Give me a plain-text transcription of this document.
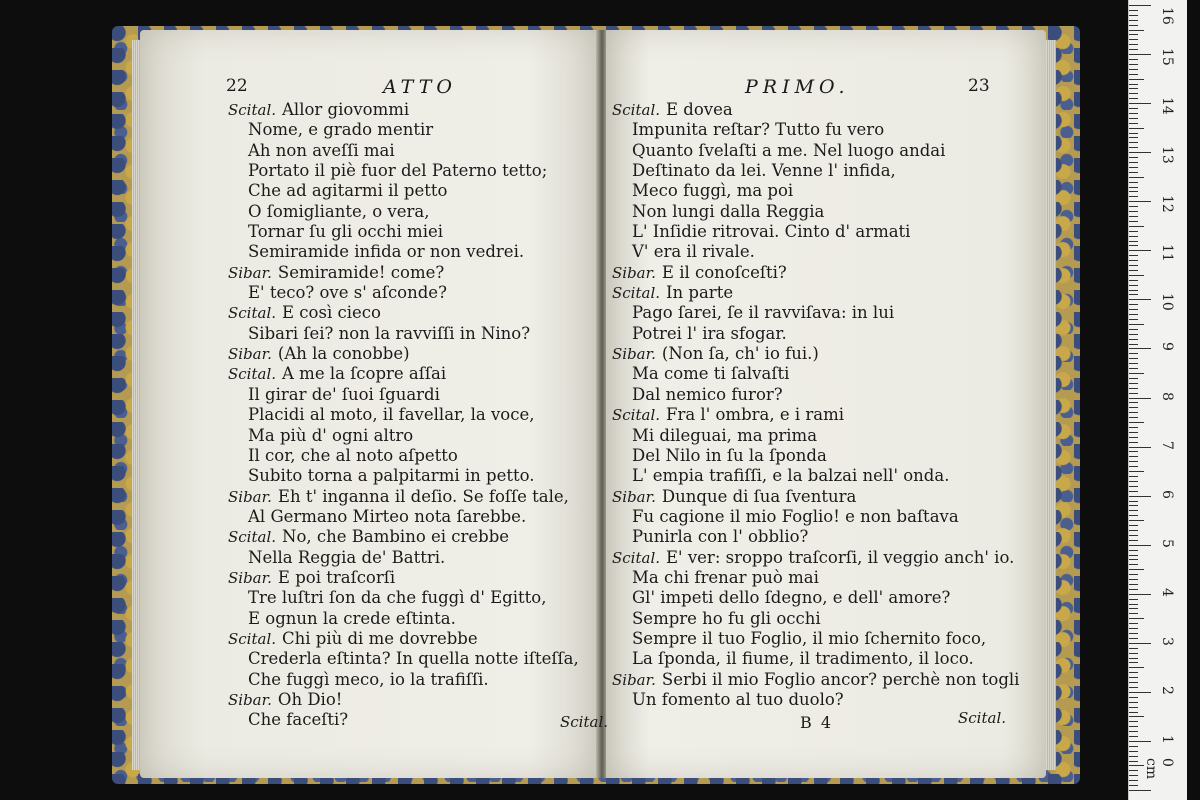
22	ATTO
Scital. Allor giovommi
Nome, e grado mentir
Ah non aveſſi mai
Portato il piè fuor del Paterno tetto;
Che ad agitarmi il petto
O ſomigliante, o vera,
Tornar ſu gli occhi miei
Semiramide infida or non vedrei.
Sibar. Semiramide! come?
E' teco? ove s' aſconde?
Scital. E così cieco
Sibari ſei? non la ravviſſi in Nino?
Sibar. (Ah la conobbe)
Scital. A me la ſcopre aſſai
Il girar de' ſuoi ſguardi
Placidi al moto, il favellar, la voce,
Ma più d' ogni altro
Il cor, che al noto aſpetto
Subito torna a palpitarmi in petto.
Sibar. Eh t' inganna il deſio. Se foſſe tale,
Al Germano Mirteo nota ſarebbe.
Scital. No, che Bambino ei crebbe
Nella Reggia de' Battri.
Sibar. E poi traſcorſi
Tre luſtri ſon da che fuggì d' Egitto,
E ognun la crede eſtinta.
Scital. Chi più di me dovrebbe
Crederla eſtinta? In quella notte iſteſſa,
Che fuggì meco, io la trafiſſi.
Sibar. Oh Dio!
Che faceſti?	Scital.
PRIMO.	23
Scital. E dovea
Impunita reſtar? Tutto fu vero
Quanto ſvelaſti a me. Nel luogo andai
Deſtinato da lei. Venne l' infida,
Meco fuggì, ma poi
Non lungi dalla Reggia
L' Inſidie ritrovai. Cinto d' armati
V' era il rivale.
Sibar. E il conoſceſti?
Scital. In parte
Pago ſarei, ſe il ravviſava: in lui
Potrei l' ira sfogar.
Sibar. (Non ſa, ch' io fui.)
Ma come ti ſalvaſti
Dal nemico furor?
Scital. Fra l' ombra, e i rami
Mi dileguai, ma prima
Del Nilo in ſu la ſponda
L' empia trafiſſi, e la balzai nell' onda.
Sibar. Dunque di ſua ſventura
Fu cagione il mio Foglio! e non baſtava
Punirla con l' obblio?
Scital. E' ver: sroppo traſcorſi, il veggio anch' io.
Ma chi frenar può mai
Gl' impeti dello ſdegno, e dell' amore?
Sempre ho fu gli occhi
Sempre il tuo Foglio, il mio ſchernito foco,
La ſponda, il fiume, il tradimento, il loco.
Sibar. Serbi il mio Foglio ancor? perchè non togli
Un fomento al tuo duolo?
B 4	Scital.
0 cm
1
2
3
4
5
6
7
8
9
10
11
12
13
14
15
16
